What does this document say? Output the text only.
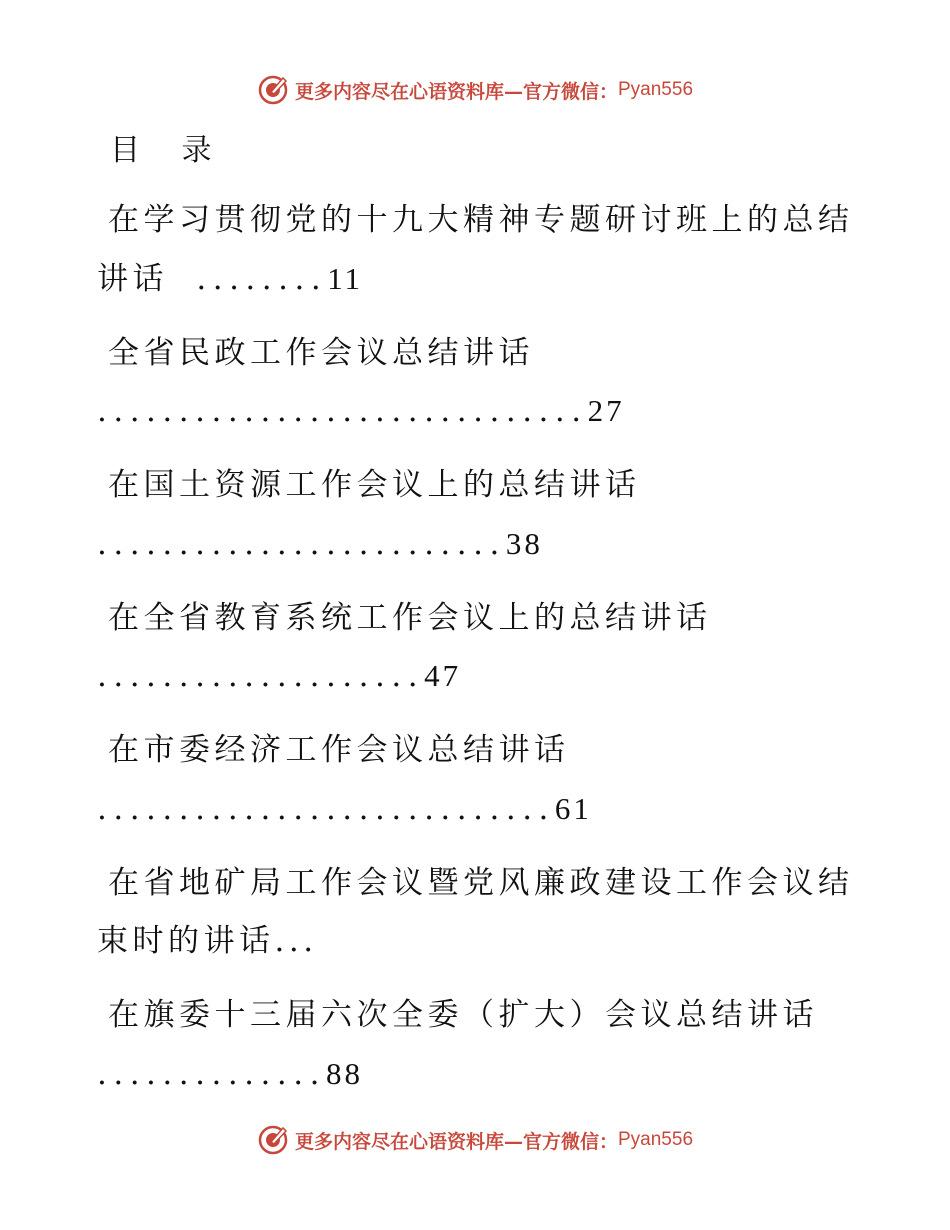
更多内容尽在心语资料库—官方微信： Pyan556
目 录
在学习贯彻党的十九大精神专题研讨班上的总结
讲话 ........11
全省民政工作会议总结讲话
..............................27
在国土资源工作会议上的总结讲话
.........................38
在全省教育系统工作会议上的总结讲话
....................47
在市委经济工作会议总结讲话
............................61
在省地矿局工作会议暨党风廉政建设工作会议结
束时的讲话...
在旗委十三届六次全委（扩大）会议总结讲话
..............88
更多内容尽在心语资料库—官方微信： Pyan556
